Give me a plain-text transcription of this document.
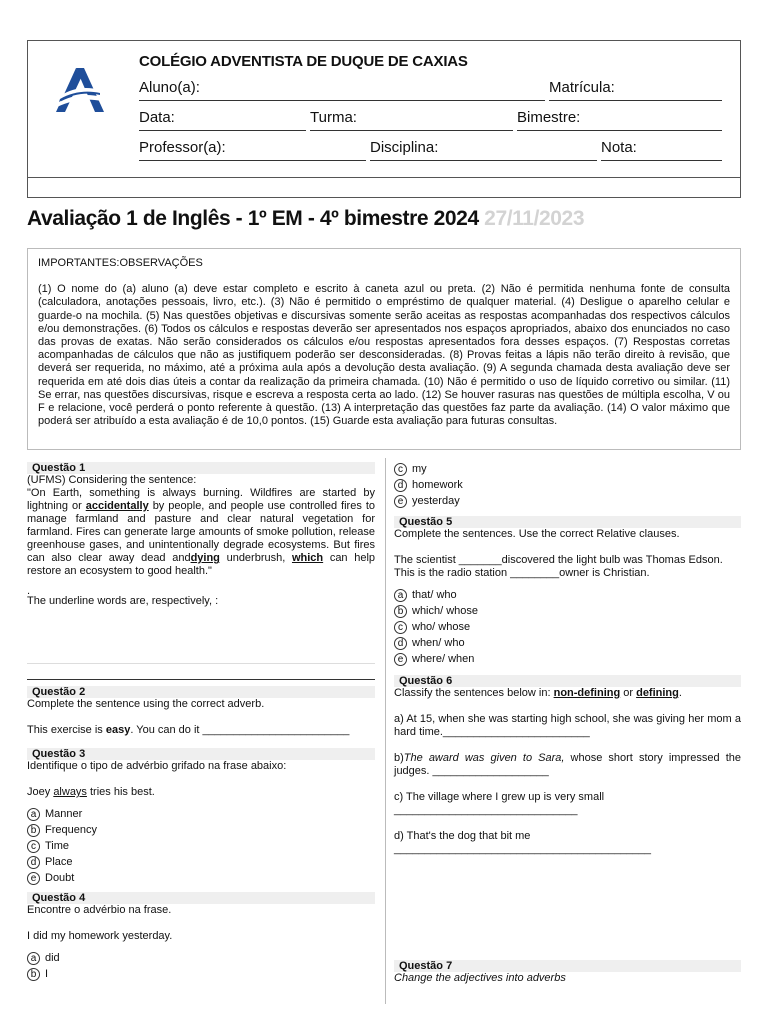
COLÉGIO ADVENTISTA DE DUQUE DE CAXIAS
Aluno(a):	Matrícula:
Data:	Turma:	Bimestre:
Professor(a):	Disciplina:	Nota:
Avaliação 1 de Inglês - 1º EM - 4º bimestre 2024 27/11/2023
IMPORTANTES:OBSERVAÇÕES
(1) O nome do (a) aluno (a) deve estar completo e escrito à caneta azul ou preta. (2) Não é permitida nenhuma fonte de consulta (calculadora, anotações pessoais, livro, etc.). (3) Não é permitido o empréstimo de qualquer material. (4) Desligue o aparelho celular e guarde-o na mochila. (5) Nas questões objetivas e discursivas somente serão aceitas as respostas acompanhadas dos respectivos cálculos e/ou demonstrações. (6) Todos os cálculos e respostas deverão ser apresentados nos espaços apropriados, abaixo dos enunciados no caso das provas de exatas. Não serão considerados os cálculos e/ou respostas apresentados fora desses espaços. (7) Respostas corretas acompanhadas de cálculos que não as justifiquem poderão ser desconsideradas. (8) Provas feitas a lápis não terão direito à revisão, que deverá ser requerida, no máximo, até a próxima aula após a devolução desta avaliação. (9) A segunda chamada desta avaliação deve ser requerida em até dois dias úteis a contar da realização da primeira chamada. (10) Não é permitido o uso de líquido corretivo ou similar. (11) Se errar, nas questões discursivas, risque e escreva a resposta certa ao lado. (12) Se houver rasuras nas questões de múltipla escolha, V ou F e relacione, você perderá o ponto referente à questão. (13) A interpretação das questões faz parte da avaliação. (14) O valor máximo que poderá ser atribuído a esta avaliação é de 10,0 pontos. (15) Guarde esta avaliação para futuras consultas.
Questão 1
(UFMS) Considering the sentence:
"On Earth, something is always burning. Wildfires are started by lightning or accidentally by people, and people use controlled fires to manage farmland and pasture and clear natural vegetation for farmland. Fires can generate large amounts of smoke pollution, release greenhouse gases, and unintentionally degrade ecosystems. But fires can also clear away dead anddying underbrush, which can help restore an ecosystem to good health."
.
The underline words are, respectively, :
Questão 2
Complete the sentence using the correct adverb.
This exercise is easy. You can do it ________________________
Questão 3
Identifique o tipo de advérbio grifado na frase abaixo:
Joey always tries his best.
a Manner
b Frequency
c Time
d Place
e Doubt
Questão 4
Encontre o advérbio na frase.
I did my homework yesterday.
a did
b I
c my
d homework
e yesterday
Questão 5
Complete the sentences. Use the correct Relative clauses.
The scientist _______discovered the light bulb was Thomas Edson.
This is the radio station ________owner is Christian.
a that/ who
b which/ whose
c who/ whose
d when/ who
e where/ when
Questão 6
Classify the sentences below in: non-defining or defining.
a) At 15, when she was starting high school, she was giving her mom a hard time.________________________
b)The award was given to Sara, whose short story impressed the judges. ___________________
c) The village where I grew up is very small
______________________________
d) That's the dog that bit me
__________________________________________
Questão 7
Change the adjectives into adverbs
